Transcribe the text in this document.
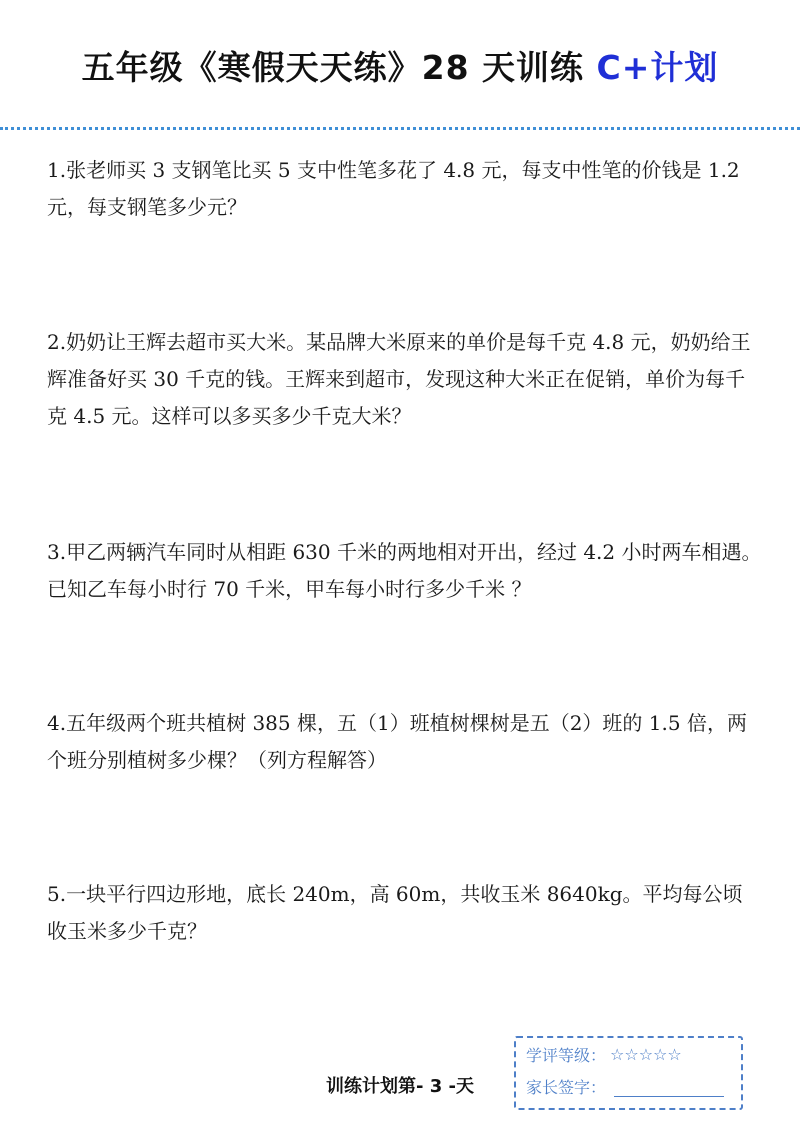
五年级《寒假天天练》28 天训练 C+计划
1.张老师买 3 支钢笔比买 5 支中性笔多花了 4.8 元，每支中性笔的价钱是 1.2 元，每支钢笔多少元？
2.奶奶让王辉去超市买大米。某品牌大米原来的单价是每千克 4.8 元，奶奶给王辉准备好买 30 千克的钱。王辉来到超市，发现这种大米正在促销，单价为每千克 4.5 元。这样可以多买多少千克大米？
3.甲乙两辆汽车同时从相距 630 千米的两地相对开出，经过 4.2 小时两车相遇。已知乙车每小时行 70 千米，甲车每小时行多少千米 ？
4.五年级两个班共植树 385 棵，五（1）班植树棵树是五（2）班的 1.5 倍，两个班分别植树多少棵？（列方程解答）
5.一块平行四边形地，底长 240m，高 60m，共收玉米 8640kg。平均每公顷收玉米多少千克？
训练计划第- 3 -天
学评等级： ☆☆☆☆☆
家长签字：
